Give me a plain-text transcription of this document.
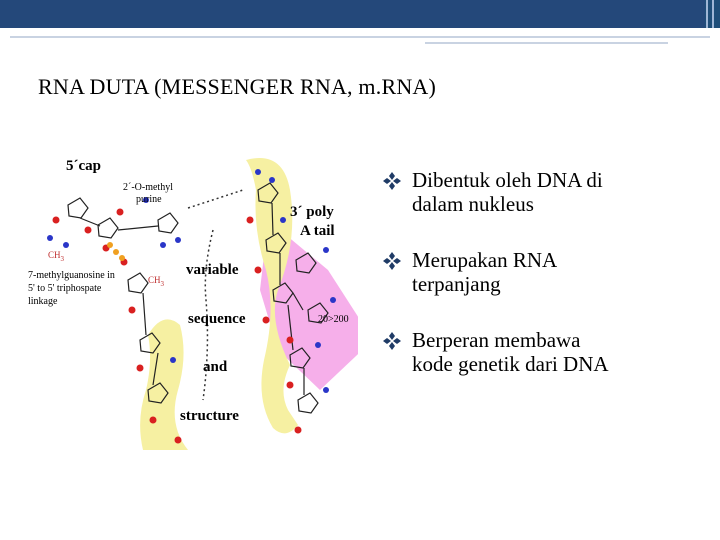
RNA DUTA (MESSENGER RNA, m.RNA)
5´cap
2´-O-methyl
purine
$CH_3$
$CH_3$
7-methylguanosine in
5' to 5' triphospate
linkage
3´ poly
A tail
20>200
variable
sequence
and
structure
Dibentuk oleh DNA di
dalam nukleus
Merupakan RNA
terpanjang
Berperan membawa
kode genetik dari DNA
